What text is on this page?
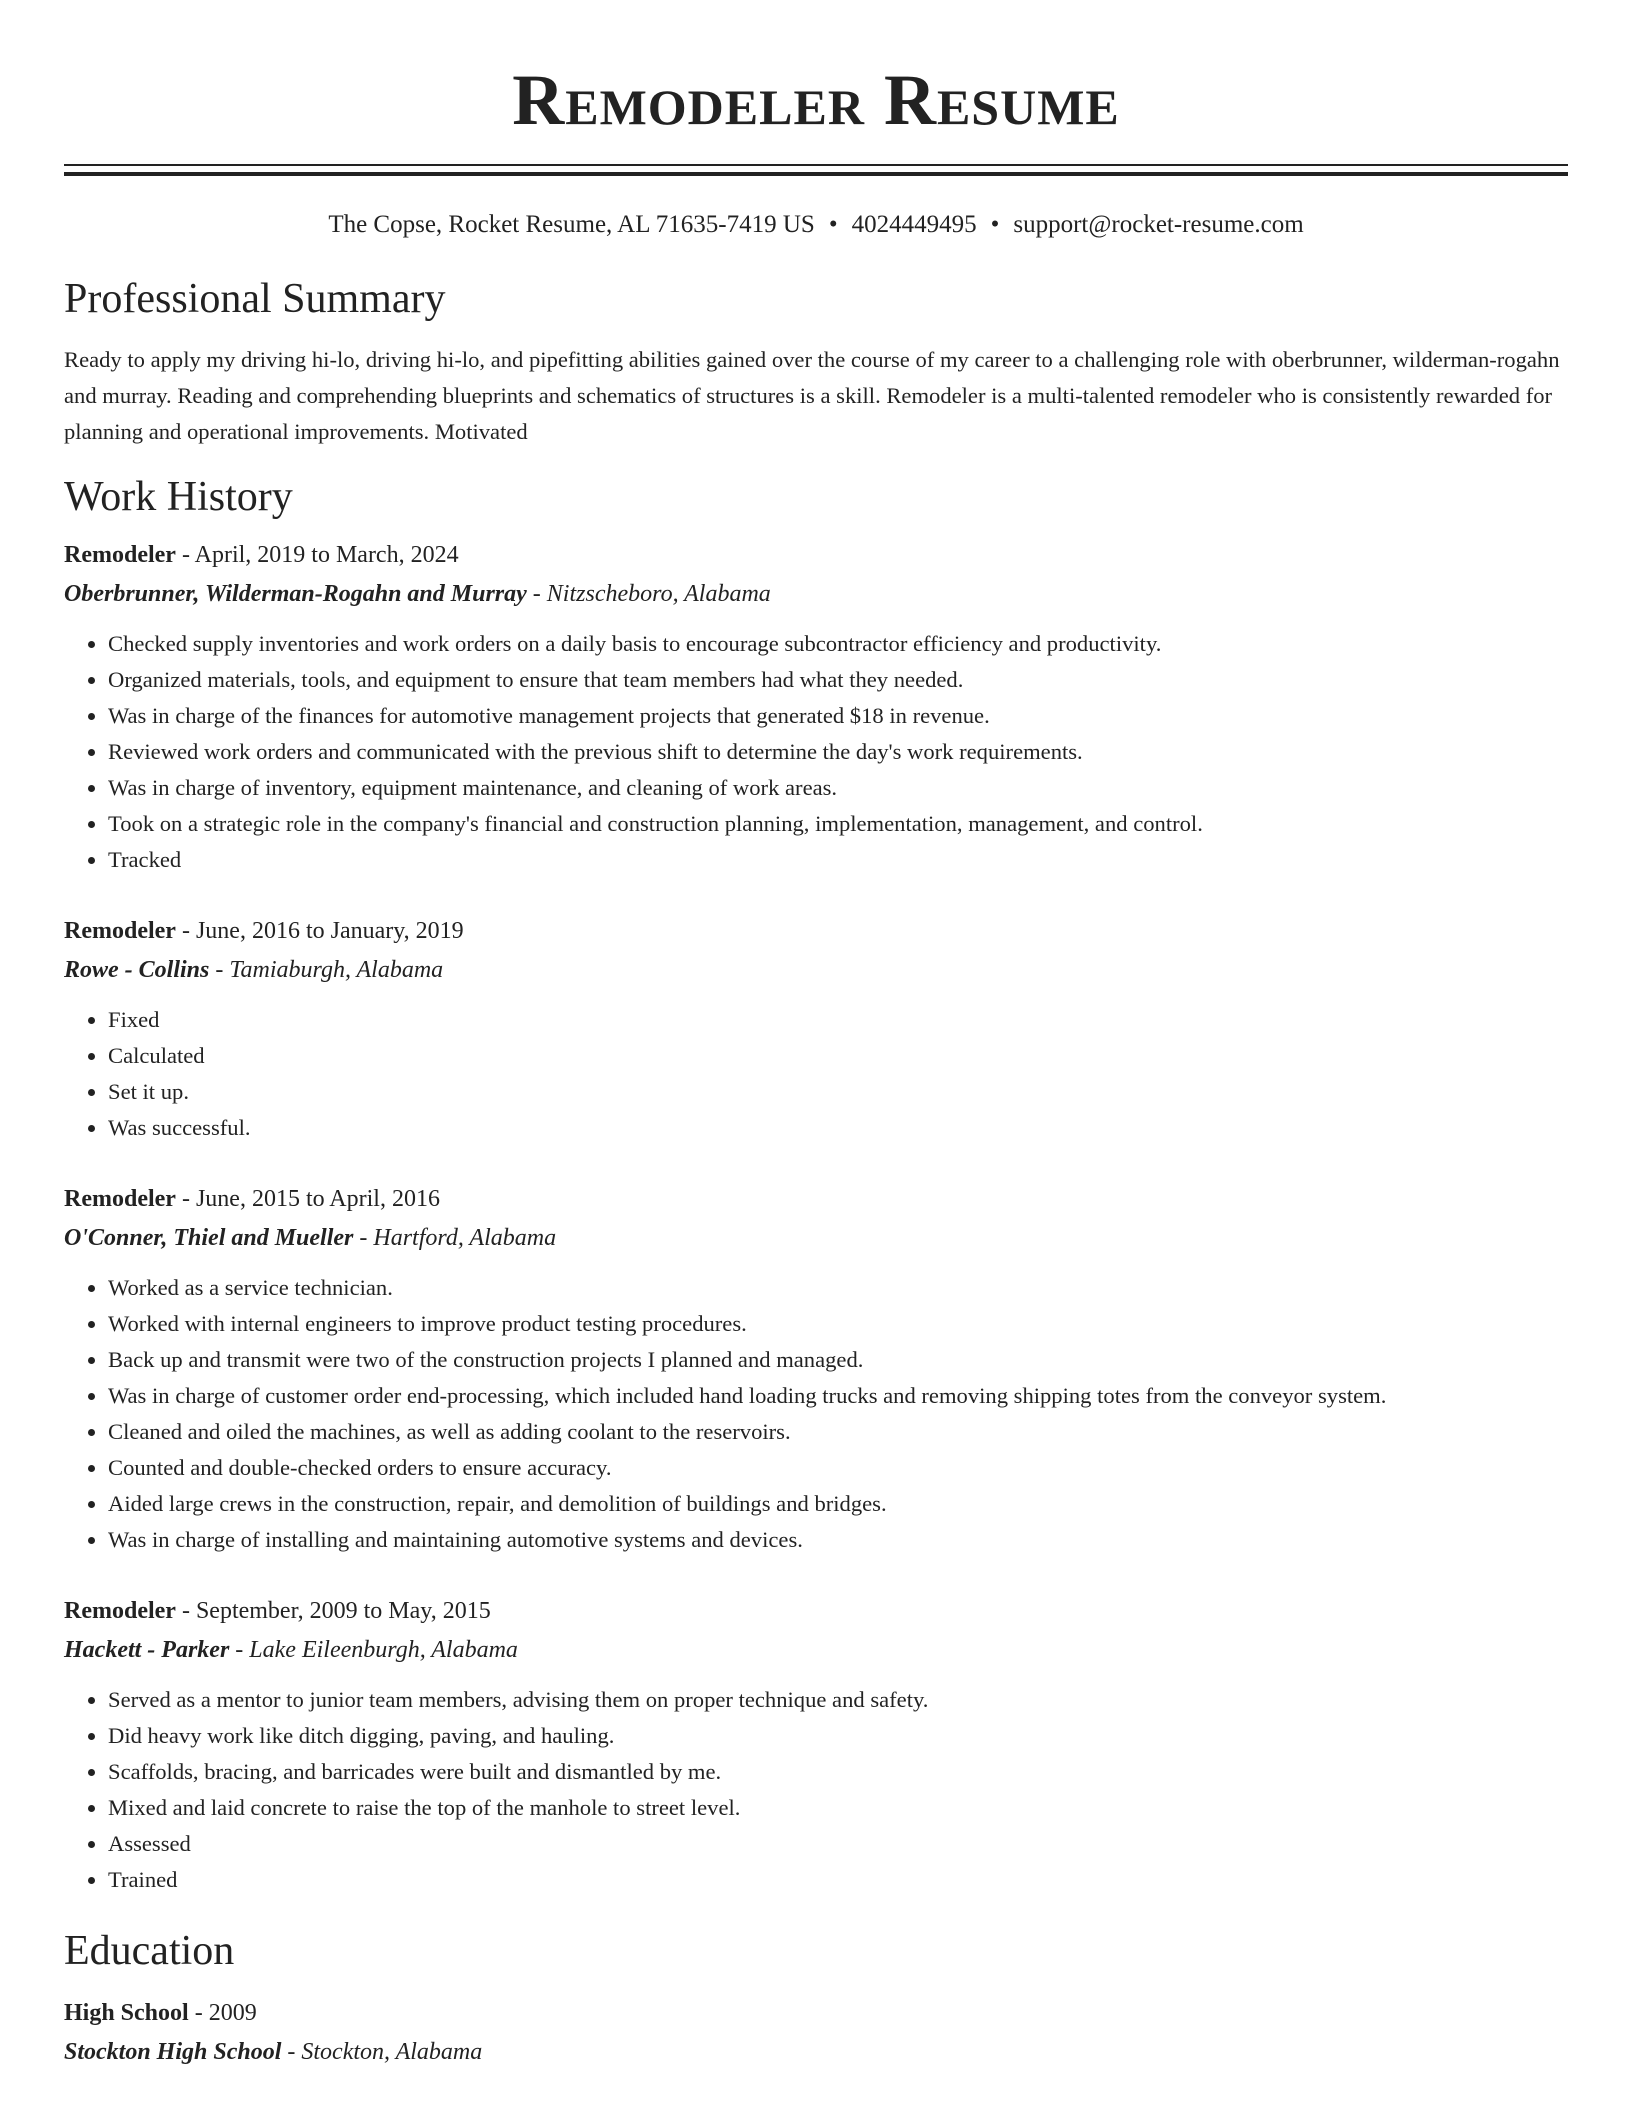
Remodeler Resume
The Copse, Rocket Resume, AL 71635-7419 US • 4024449495 • support@rocket-resume.com
Professional Summary

Ready to apply my driving hi-lo, driving hi-lo, and pipefitting abilities gained over the course of my career to a challenging role with oberbrunner, wilderman-rogahn and murray. Reading and comprehending blueprints and schematics of structures is a skill. Remodeler is a multi-talented remodeler who is consistently rewarded for planning and operational improvements. Motivated

Work History
Remodeler - April, 2019 to March, 2024
Oberbrunner, Wilderman-Rogahn and Murray - Nitzscheboro, Alabama
• Checked supply inventories and work orders on a daily basis to encourage subcontractor efficiency and productivity.
• Organized materials, tools, and equipment to ensure that team members had what they needed.
• Was in charge of the finances for automotive management projects that generated $18 in revenue.
• Reviewed work orders and communicated with the previous shift to determine the day's work requirements.
• Was in charge of inventory, equipment maintenance, and cleaning of work areas.
• Took on a strategic role in the company's financial and construction planning, implementation, management, and control.
• Tracked
Remodeler - June, 2016 to January, 2019
Rowe - Collins - Tamiaburgh, Alabama
• Fixed
• Calculated
• Set it up.
• Was successful.
Remodeler - June, 2015 to April, 2016
O'Conner, Thiel and Mueller - Hartford, Alabama
• Worked as a service technician.
• Worked with internal engineers to improve product testing procedures.
• Back up and transmit were two of the construction projects I planned and managed.
• Was in charge of customer order end-processing, which included hand loading trucks and removing shipping totes from the conveyor system.
• Cleaned and oiled the machines, as well as adding coolant to the reservoirs.
• Counted and double-checked orders to ensure accuracy.
• Aided large crews in the construction, repair, and demolition of buildings and bridges.
• Was in charge of installing and maintaining automotive systems and devices.
Remodeler - September, 2009 to May, 2015
Hackett - Parker - Lake Eileenburgh, Alabama
• Served as a mentor to junior team members, advising them on proper technique and safety.
• Did heavy work like ditch digging, paving, and hauling.
• Scaffolds, bracing, and barricades were built and dismantled by me.
• Mixed and laid concrete to raise the top of the manhole to street level.
• Assessed
• Trained
Education
High School - 2009
Stockton High School - Stockton, Alabama
